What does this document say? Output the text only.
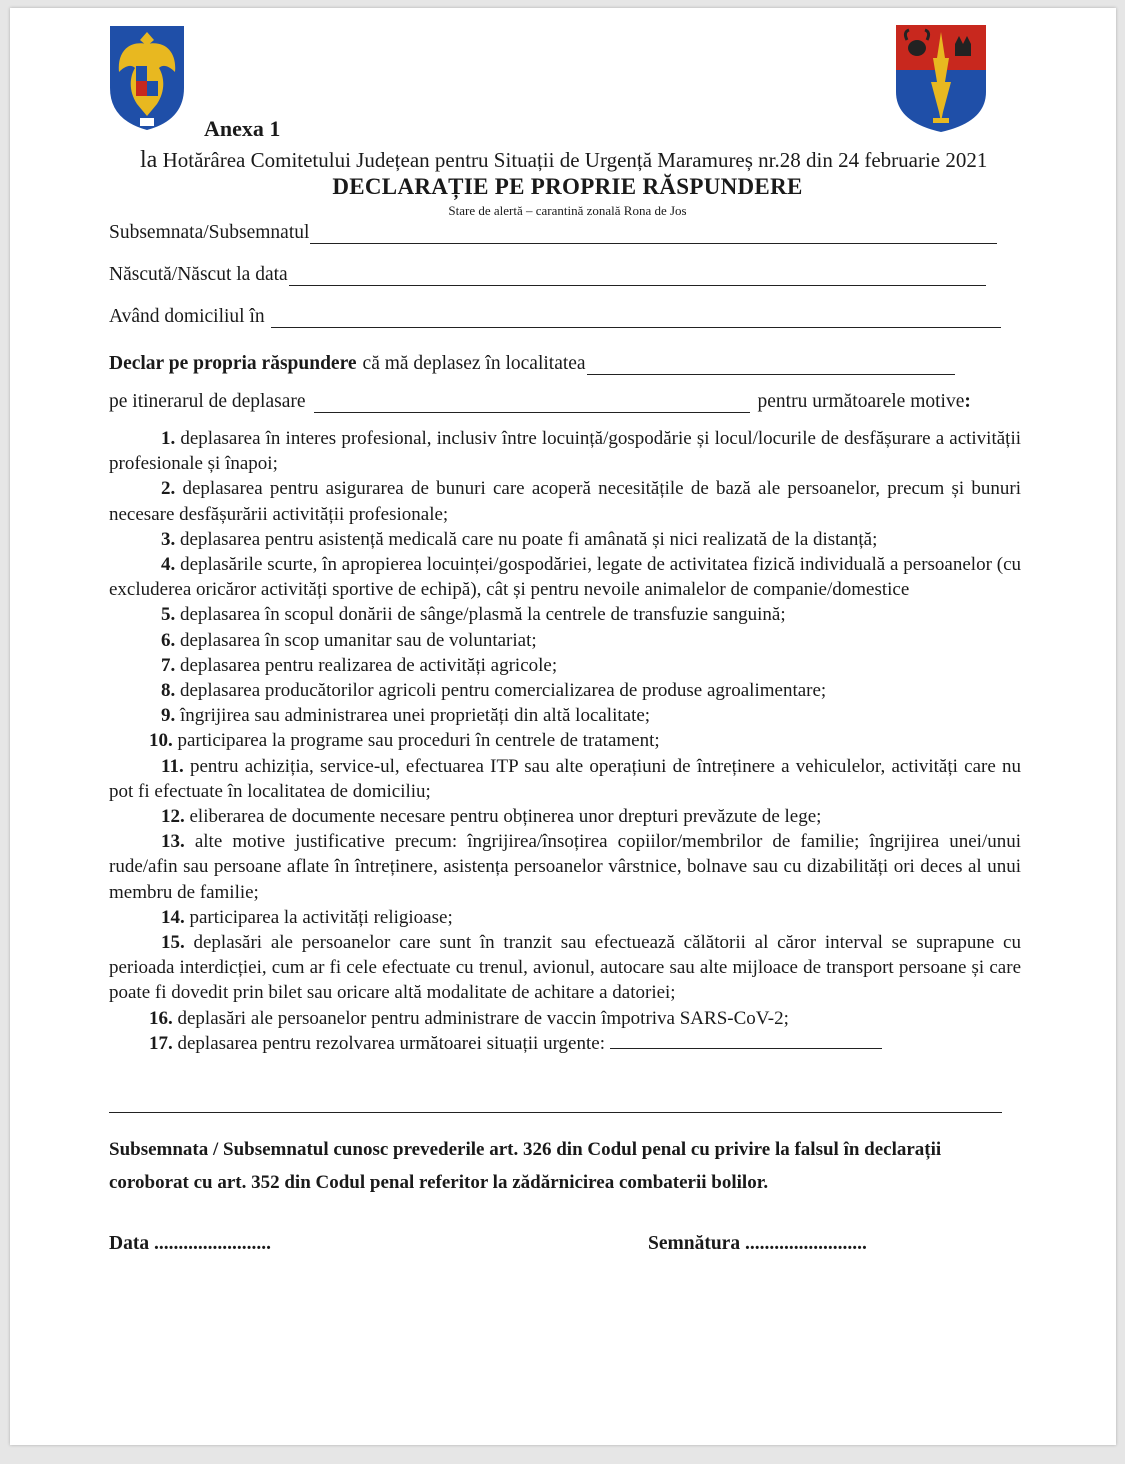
Anexa 1
la Hotărârea Comitetului Județean pentru Situații de Urgență Maramureș nr.28 din 24 februarie 2021
DECLARAȚIE PE PROPRIE RĂSPUNDERE
Stare de alertă – carantină zonală Rona de Jos
Subsemnata/Subsemnatul
Născută/Născut la data
Având domiciliul în
Declar pe propria răspundere că mă deplasez în localitatea
pe itinerarul de deplasare	pentru următoarele motive :

1. deplasarea în interes profesional, inclusiv între locuință/gospodărie și locul/locurile de desfășurare a activității profesionale și înapoi;

2. deplasarea pentru asigurarea de bunuri care acoperă necesitățile de bază ale persoanelor, precum și bunuri necesare desfășurării activității profesionale;

3. deplasarea pentru asistență medicală care nu poate fi amânată și nici realizată de la distanță;

4. deplasările scurte, în apropierea locuinței/gospodăriei, legate de activitatea fizică individuală a persoanelor (cu excluderea oricăror activități sportive de echipă), cât și pentru nevoile animalelor de companie/domestice

5. deplasarea în scopul donării de sânge/plasmă la centrele de transfuzie sanguină;

6. deplasarea în scop umanitar sau de voluntariat;

7. deplasarea pentru realizarea de activități agricole;

8. deplasarea producătorilor agricoli pentru comercializarea de produse agroalimentare;

9. îngrijirea sau administrarea unei proprietăți din altă localitate;

10. participarea la programe sau proceduri în centrele de tratament;

11. pentru achiziția, service-ul, efectuarea ITP sau alte operațiuni de întreținere a vehiculelor, activități care nu pot fi efectuate în localitatea de domiciliu;

12. eliberarea de documente necesare pentru obținerea unor drepturi prevăzute de lege;

13. alte motive justificative precum: îngrijirea/însoțirea copiilor/membrilor de familie; îngrijirea unei/unui rude/afin sau persoane aflate în întreținere, asistența persoanelor vârstnice, bolnave sau cu dizabilități ori deces al unui membru de familie;

14. participarea la activități religioase;

15. deplasări ale persoanelor care sunt în tranzit sau efectuează călătorii al căror interval se suprapune cu perioada interdicției, cum ar fi cele efectuate cu trenul, avionul, autocare sau alte mijloace de transport persoane și care poate fi dovedit prin bilet sau oricare altă modalitate de achitare a datoriei;

16. deplasări ale persoanelor pentru administrare de vaccin împotriva SARS-CoV-2;

17. deplasarea pentru rezolvarea următoarei situații urgente:

Subsemnata / Subsemnatul cunosc prevederile art. 326 din Codul penal cu privire la falsul în declarații coroborat cu art. 352 din Codul penal referitor la zădărnicirea combaterii bolilor.
Data ........................	Semnătura .........................
